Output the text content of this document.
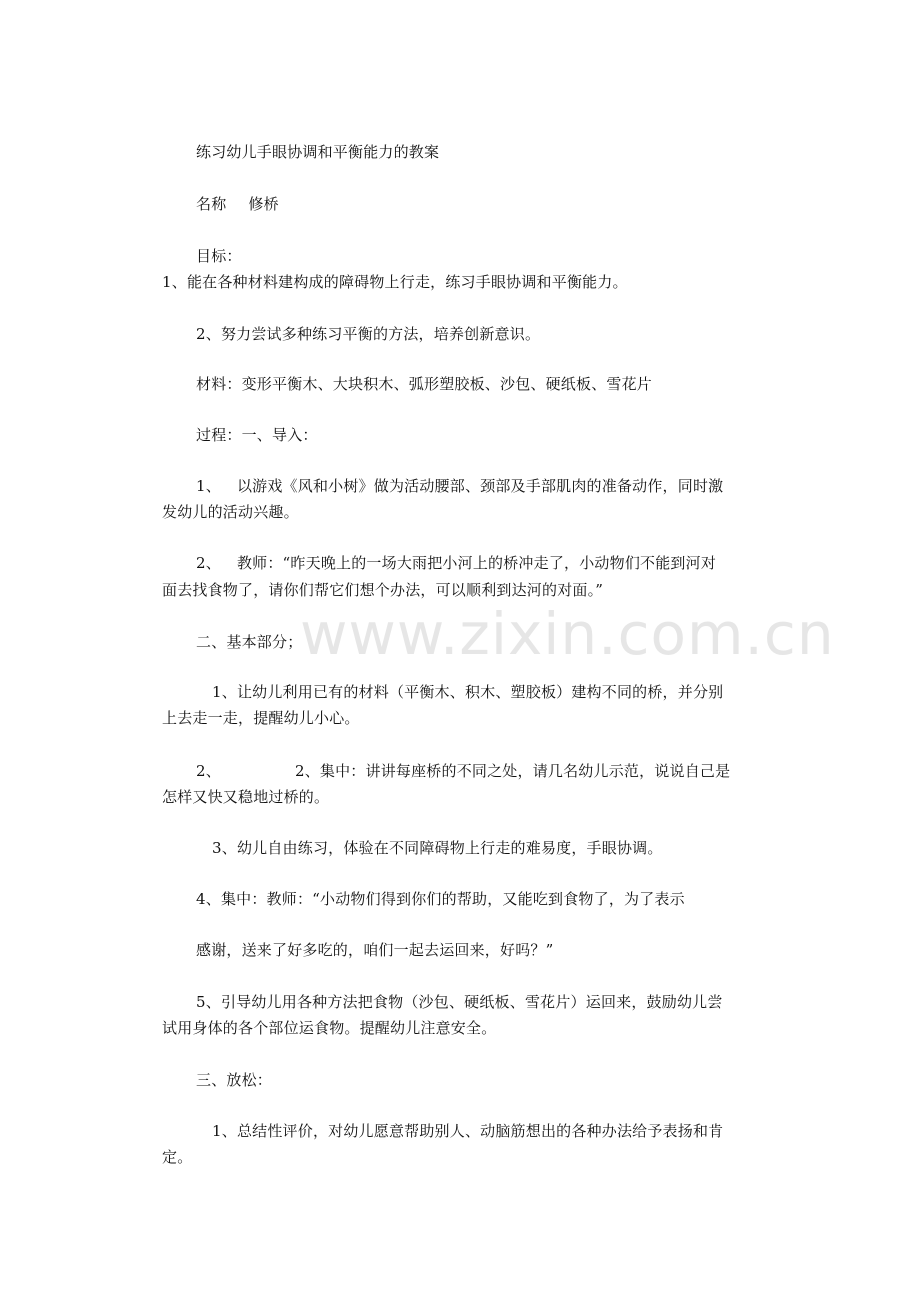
www.zixin.com.cn
练习幼儿手眼协调和平衡能力的教案
名称 修桥
目标：
1、能在各种材料建构成的障碍物上行走，练习手眼协调和平衡能力。
2、努力尝试多种练习平衡的方法，培养创新意识。
材料：变形平衡木、大块积木、弧形塑胶板、沙包、硬纸板、雪花片
过程：一、导入：
1、 以游戏《风和小树》做为活动腰部、颈部及手部肌肉的准备动作，同时激
发幼儿的活动兴趣。
2、 教师：“昨天晚上的一场大雨把小河上的桥冲走了，小动物们不能到河对
面去找食物了，请你们帮它们想个办法，可以顺利到达河的对面。”
二、基本部分；
1、让幼儿利用已有的材料（平衡木、积木、塑胶板）建构不同的桥，并分别
上去走一走，提醒幼儿小心。
2、	2、集中：讲讲每座桥的不同之处，请几名幼儿示范，说说自己是
怎样又快又稳地过桥的。
3、幼儿自由练习，体验在不同障碍物上行走的难易度，手眼协调。
4、集中：教师：“小动物们得到你们的帮助，又能吃到食物了，为了表示
感谢，送来了好多吃的，咱们一起去运回来，好吗？”
5、引导幼儿用各种方法把食物（沙包、硬纸板、雪花片）运回来，鼓励幼儿尝
试用身体的各个部位运食物。提醒幼儿注意安全。
三、放松：
1、总结性评价，对幼儿愿意帮助别人、动脑筋想出的各种办法给予表扬和肯
定。
